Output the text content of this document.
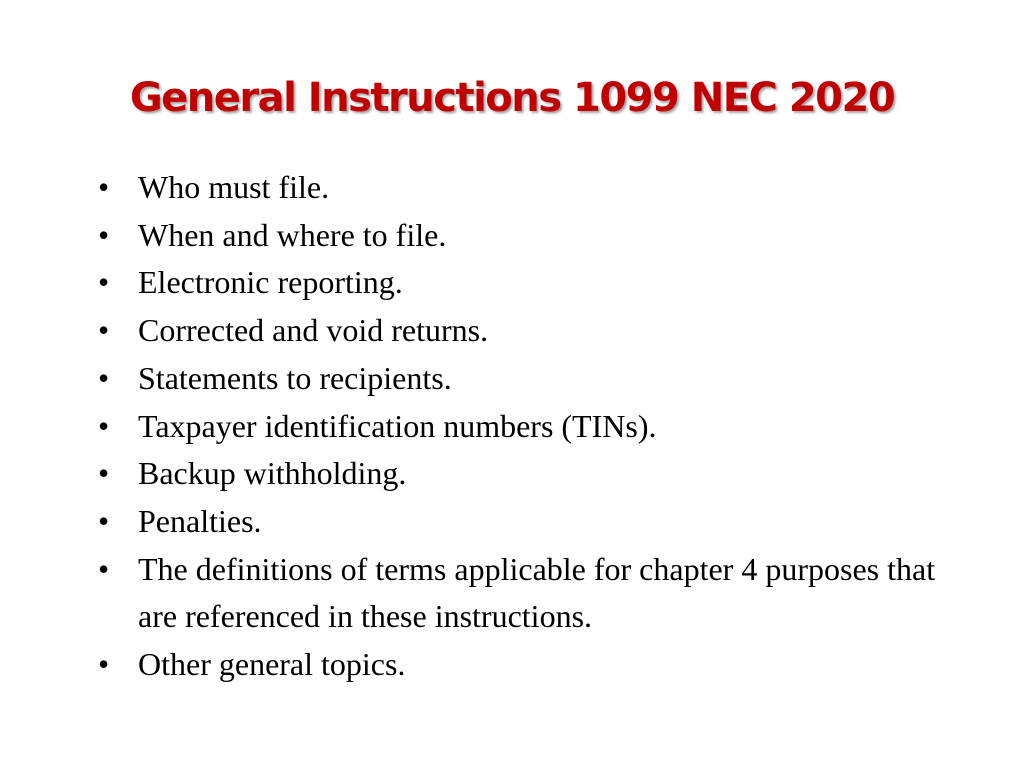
General Instructions 1099 NEC 2020
• Who must file.
• When and where to file.
• Electronic reporting.
• Corrected and void returns.
• Statements to recipients.
• Taxpayer identification numbers (TINs).
• Backup withholding.
• Penalties.
• The definitions of terms applicable for chapter 4 purposes that are referenced in these instructions.
• Other general topics.
